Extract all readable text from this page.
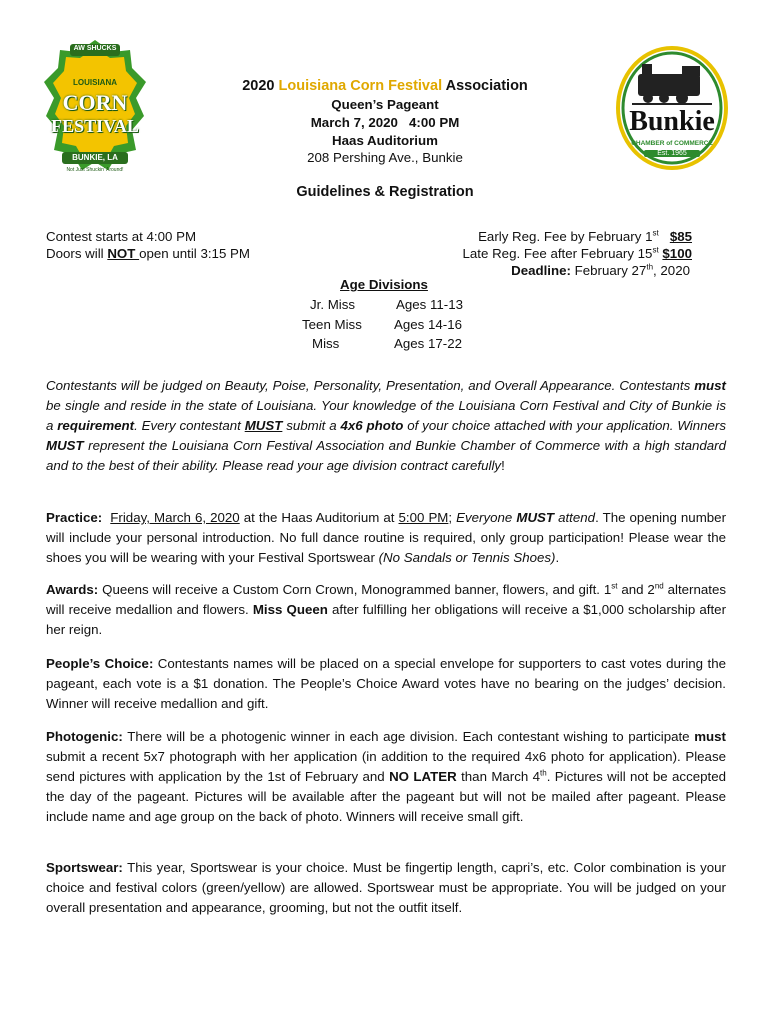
AW SHUCKS
LOUISIANA
CORN
FESTIVAL
BUNKIE, LA
Not Just Shuckin' Around!
2020 Louisiana Corn Festival Association
Queen’s Pageant
March 7, 2020   4:00 PM
Haas Auditorium
208 Pershing Ave., Bunkie
Bunkie
CHAMBER of COMMERCE
Est. 1965
Guidelines & Registration
Contest starts at 4:00 PM
Doors will NOT open until 3:15 PM
Early Reg. Fee by February 1st $85
Late Reg. Fee after February 15st $100
Deadline: February 27th, 2020
Age Divisions
Jr. Miss	Ages 11-13
Teen Miss Ages 14-16
Miss	Ages 17-22
Contestants will be judged on Beauty, Poise, Personality, Presentation, and Overall Appearance. Contestants must be single and reside in the state of Louisiana. Your knowledge of the Louisiana Corn Festival and City of Bunkie is a requirement. Every contestant MUST submit a 4x6 photo of your choice attached with your application. Winners MUST represent the Louisiana Corn Festival Association and Bunkie Chamber of Commerce with a high standard and to the best of their ability. Please read your age division contract carefully!
Practice: Friday, March 6, 2020 at the Haas Auditorium at 5:00 PM; Everyone MUST attend. The opening number will include your personal introduction. No full dance routine is required, only group participation! Please wear the shoes you will be wearing with your Festival Sportswear (No Sandals or Tennis Shoes).
Awards: Queens will receive a Custom Corn Crown, Monogrammed banner, flowers, and gift. 1st and 2nd alternates will receive medallion and flowers. Miss Queen after fulfilling her obligations will receive a $1,000 scholarship after her reign.
People’s Choice: Contestants names will be placed on a special envelope for supporters to cast votes during the pageant, each vote is a $1 donation. The People’s Choice Award votes have no bearing on the judges’ decision. Winner will receive medallion and gift.
Photogenic: There will be a photogenic winner in each age division. Each contestant wishing to participate must submit a recent 5x7 photograph with her application (in addition to the required 4x6 photo for application). Please send pictures with application by the 1st of February and NO LATER than March 4th. Pictures will not be accepted the day of the pageant. Pictures will be available after the pageant but will not be mailed after pageant. Please include name and age group on the back of photo. Winners will receive small gift.
Sportswear: This year, Sportswear is your choice. Must be fingertip length, capri’s, etc. Color combination is your choice and festival colors (green/yellow) are allowed. Sportswear must be appropriate. You will be judged on your overall presentation and appearance, grooming, but not the outfit itself.
